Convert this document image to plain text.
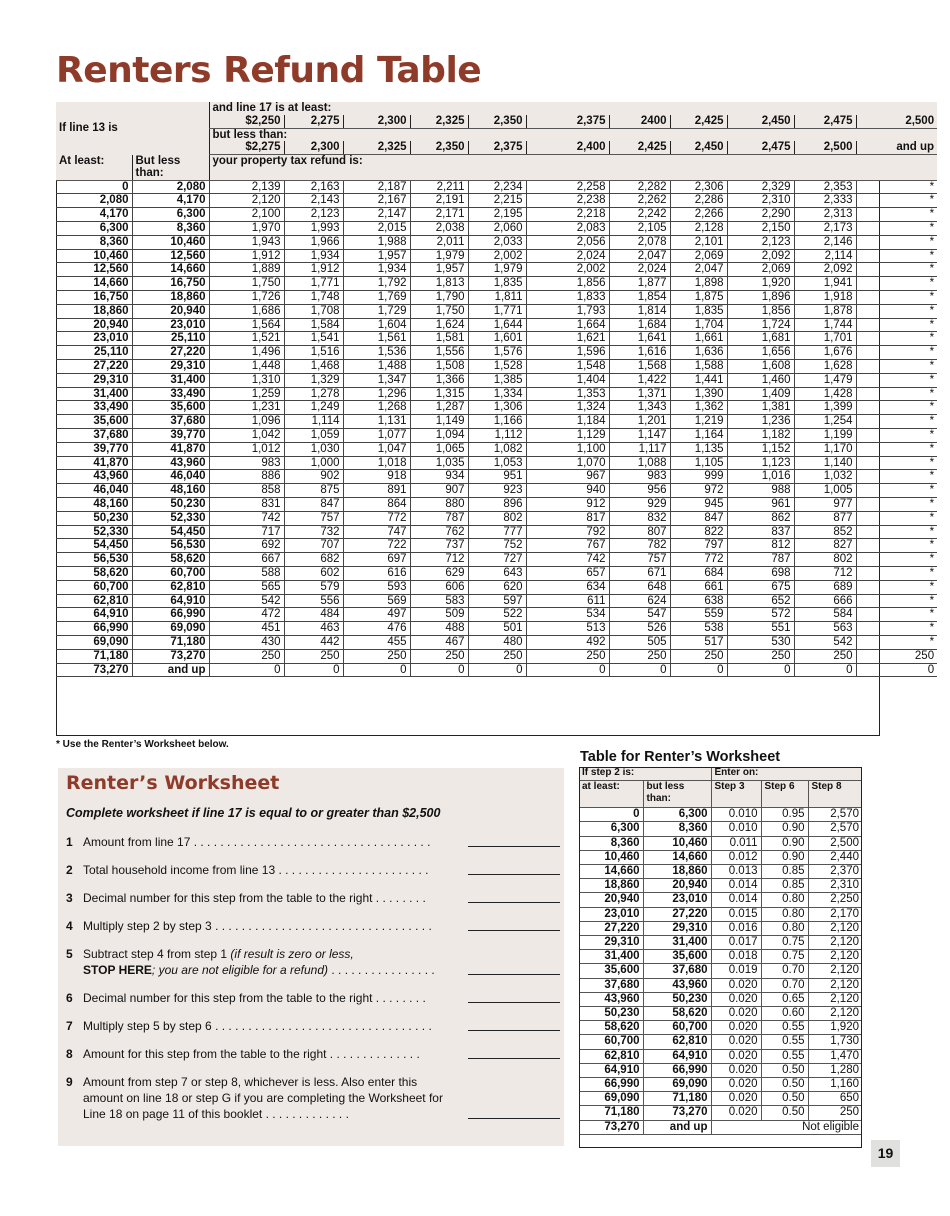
Renters Refund Table
If line 13 is		and line 17 is at least:										
		$2,250	2,275	2,300	2,325	2,350	2,375	2400	2,425	2,450	2,475	2,500
		but less than:										
		$2,275	2,300	2,325	2,350	2,375	2,400	2,425	2,450	2,475	2,500	and up
At least:	But less than:	your property tax refund is:										
0	2,080	2,139	2,163	2,187	2,211	2,234	2,258	2,282	2,306	2,329	2,353	*
2,080	4,170	2,120	2,143	2,167	2,191	2,215	2,238	2,262	2,286	2,310	2,333	*
4,170	6,300	2,100	2,123	2,147	2,171	2,195	2,218	2,242	2,266	2,290	2,313	*
6,300	8,360	1,970	1,993	2,015	2,038	2,060	2,083	2,105	2,128	2,150	2,173	*
8,360	10,460	1,943	1,966	1,988	2,011	2,033	2,056	2,078	2,101	2,123	2,146	*
10,460	12,560	1,912	1,934	1,957	1,979	2,002	2,024	2,047	2,069	2,092	2,114	*
12,560	14,660	1,889	1,912	1,934	1,957	1,979	2,002	2,024	2,047	2,069	2,092	*
14,660	16,750	1,750	1,771	1,792	1,813	1,835	1,856	1,877	1,898	1,920	1,941	*
16,750	18,860	1,726	1,748	1,769	1,790	1,811	1,833	1,854	1,875	1,896	1,918	*
18,860	20,940	1,686	1,708	1,729	1,750	1,771	1,793	1,814	1,835	1,856	1,878	*
20,940	23,010	1,564	1,584	1,604	1,624	1,644	1,664	1,684	1,704	1,724	1,744	*
23,010	25,110	1,521	1,541	1,561	1,581	1,601	1,621	1,641	1,661	1,681	1,701	*
25,110	27,220	1,496	1,516	1,536	1,556	1,576	1,596	1,616	1,636	1,656	1,676	*
27,220	29,310	1,448	1,468	1,488	1,508	1,528	1,548	1,568	1,588	1,608	1,628	*
29,310	31,400	1,310	1,329	1,347	1,366	1,385	1,404	1,422	1,441	1,460	1,479	*
31,400	33,490	1,259	1,278	1,296	1,315	1,334	1,353	1,371	1,390	1,409	1,428	*
33,490	35,600	1,231	1,249	1,268	1,287	1,306	1,324	1,343	1,362	1,381	1,399	*
35,600	37,680	1,096	1,114	1,131	1,149	1,166	1,184	1,201	1,219	1,236	1,254	*
37,680	39,770	1,042	1,059	1,077	1,094	1,112	1,129	1,147	1,164	1,182	1,199	*
39,770	41,870	1,012	1,030	1,047	1,065	1,082	1,100	1,117	1,135	1,152	1,170	*
41,870	43,960	983	1,000	1,018	1,035	1,053	1,070	1,088	1,105	1,123	1,140	*
43,960	46,040	886	902	918	934	951	967	983	999	1,016	1,032	*
46,040	48,160	858	875	891	907	923	940	956	972	988	1,005	*
48,160	50,230	831	847	864	880	896	912	929	945	961	977	*
50,230	52,330	742	757	772	787	802	817	832	847	862	877	*
52,330	54,450	717	732	747	762	777	792	807	822	837	852	*
54,450	56,530	692	707	722	737	752	767	782	797	812	827	*
56,530	58,620	667	682	697	712	727	742	757	772	787	802	*
58,620	60,700	588	602	616	629	643	657	671	684	698	712	*
60,700	62,810	565	579	593	606	620	634	648	661	675	689	*
62,810	64,910	542	556	569	583	597	611	624	638	652	666	*
64,910	66,990	472	484	497	509	522	534	547	559	572	584	*
66,990	69,090	451	463	476	488	501	513	526	538	551	563	*
69,090	71,180	430	442	455	467	480	492	505	517	530	542	*
71,180	73,270	250	250	250	250	250	250	250	250	250	250	250
73,270	and up	0	0	0	0	0	0	0	0	0	0	0
* Use the Renter’s Worksheet below.
Renter’s Worksheet
Complete worksheet if line 17 is equal to or greater than $2,500
1 Amount from line 17 . . . . . . . . . . . . . . . . . . . . . . . . . . . . . . . . . . . .
2 Total household income from line 13 . . . . . . . . . . . . . . . . . . . . . . .
3 Decimal number for this step from the table to the right . . . . . . . .
4 Multiply step 2 by step 3 . . . . . . . . . . . . . . . . . . . . . . . . . . . . . . . . .
5 Subtract step 4 from step 1 (if result is zero or less,
STOP HERE; you are not eligible for a refund) . . . . . . . . . . . . . . . .
6 Decimal number for this step from the table to the right . . . . . . . .
7 Multiply step 5 by step 6 . . . . . . . . . . . . . . . . . . . . . . . . . . . . . . . . .
8 Amount for this step from the table to the right . . . . . . . . . . . . . .
9 Amount from step 7 or step 8, whichever is less. Also enter this amount on line 18 or step G if you are completing the Worksheet for Line 18 on page 11 of this booklet . . . . . . . . . . . . .
Table for Renter’s Worksheet
If step 2 is:		Enter on:		
at least:	but less than:	Step 3	Step 6	Step 8
0	6,300	0.010	0.95	2,570
6,300	8,360	0.010	0.90	2,570
8,360	10,460	0.011	0.90	2,500
10,460	14,660	0.012	0.90	2,440
14,660	18,860	0.013	0.85	2,370
18,860	20,940	0.014	0.85	2,310
20,940	23,010	0.014	0.80	2,250
23,010	27,220	0.015	0.80	2,170
27,220	29,310	0.016	0.80	2,120
29,310	31,400	0.017	0.75	2,120
31,400	35,600	0.018	0.75	2,120
35,600	37,680	0.019	0.70	2,120
37,680	43,960	0.020	0.70	2,120
43,960	50,230	0.020	0.65	2,120
50,230	58,620	0.020	0.60	2,120
58,620	60,700	0.020	0.55	1,920
60,700	62,810	0.020	0.55	1,730
62,810	64,910	0.020	0.55	1,470
64,910	66,990	0.020	0.50	1,280
66,990	69,090	0.020	0.50	1,160
69,090	71,180	0.020	0.50	650
71,180	73,270	0.020	0.50	250
73,270	and up	Not eligible		
19
